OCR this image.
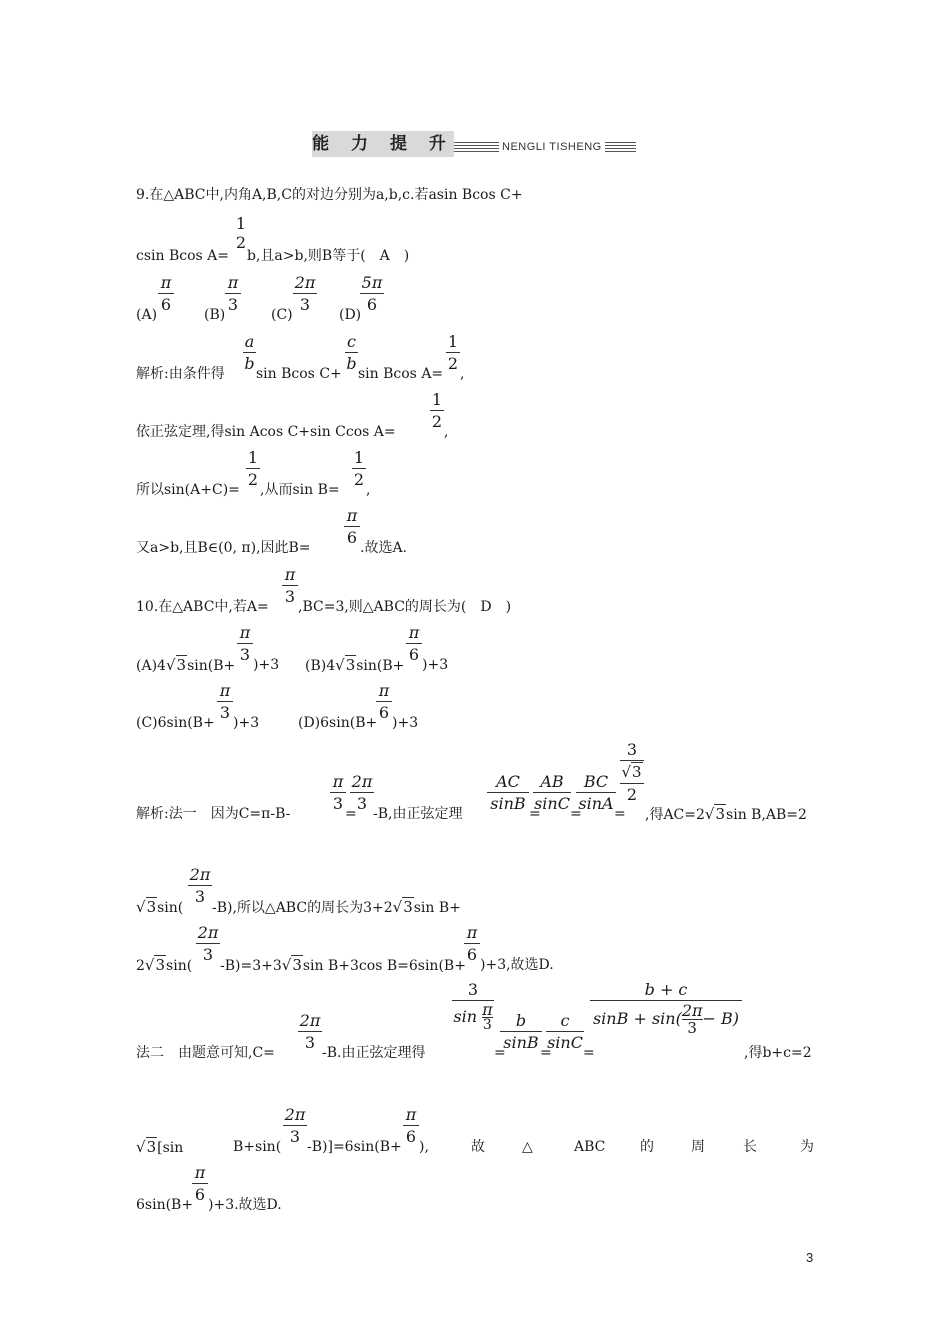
能 力 提 升	NENGLI TISHENG
9.在△ABC中,内角A,B,C的对边分别为a,b,c.若asin Bcos C+
1
2
csin Bcos A= b,且a>b,则B等于(　A　)
(A)
π
6
(B)
π
3
(C)
2π
3
(D)
5π
6
解析:由条件得
a
b
sin Bcos C+
c
b
sin Bcos A=
1
2
,
依正弦定理,得sin Acos C+sin Ccos A=
1
2
,
所以sin(A+C)=
1
2
,从而sin B=
1
2
,
又a>b,且B∈(0, π),因此B=
π
6
.故选A.
10.在△ABC中,若A=
π
3
,BC=3,则△ABC的周长为(　D　)
(A)4√3sin(B+
π
3
)+3 (B)4√3sin(B+
π
6
)+3
(C)6sin(B+
π
3
)+3	(D)6sin(B+
π
6
)+3
解析:法一　因为C=π-B-
π
3
=
2π
3
-B,由正弦定理
AC
sinB
=
AB
sinC
=
BC
sinA
=
3
√3
2
,得AC=2√3sin B,AB=2
√3sin(
2π
3
-B),所以△ABC的周长为3+2√3sin B+
2√3sin(
2π
3
-B)=3+3√3sin B+3cos B=6sin(B+
π
6
)+3,故选D.
法二　由题意可知,C=
2π
3
-B.由正弦定理得
3
$\sin \frac{\pi}{3}$
=
b
sinB
=
c
sinC
=
b + c
$\sin B + \sin( \frac{2\pi}{3} - B)$
,得b+c=2
√3[sin	B+sin(
2π
3
-B)]=6sin(B+
π
6
),	故	△	ABC 的	周	长	为
6sin(B+
π
6
)+3.故选D.
3
